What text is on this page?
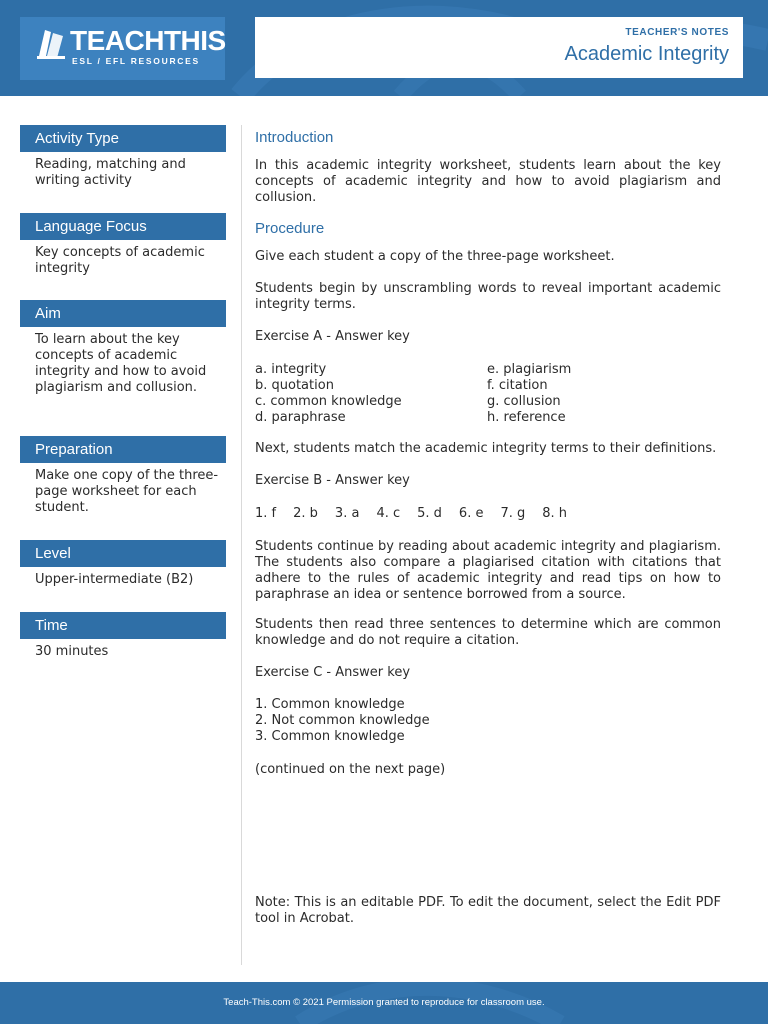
TEACHTHIS
ESL / EFL RESOURCES
TEACHER'S NOTES
Academic Integrity
Activity Type
Reading, matching and writing activity
Language Focus
Key concepts of academic integrity
Aim
To learn about the key concepts of academic integrity and how to avoid plagiarism and collusion.
Preparation
Make one copy of the three-page worksheet for each student.
Level
Upper-intermediate (B2)
Time
30 minutes
Introduction

In this academic integrity worksheet, students learn about the key concepts of academic integrity and how to avoid plagiarism and collusion.

Procedure

Give each student a copy of the three-page worksheet.

Students begin by unscrambling words to reveal important academic integrity terms.

Exercise A - Answer key

a. integrity
b. quotation
c. common knowledge
d. paraphrase
e. plagiarism
f. citation
g. collusion
h. reference

Next, students match the academic integrity terms to their definitions.

Exercise B - Answer key

1. f 2. b 3. a 4. c 5. d 6. e 7. g 8. h

Students continue by reading about academic integrity and plagiarism. The students also compare a plagiarised citation with citations that adhere to the rules of academic integrity and read tips on how to paraphrase an idea or sentence borrowed from a source.

Students then read three sentences to determine which are common knowledge and do not require a citation.

Exercise C - Answer key

1. Common knowledge
2. Not common knowledge
3. Common knowledge

(continued on the next page)

Note: This is an editable PDF. To edit the document, select the Edit PDF tool in Acrobat.

Teach-This.com © 2021 Permission granted to reproduce for classroom use.
